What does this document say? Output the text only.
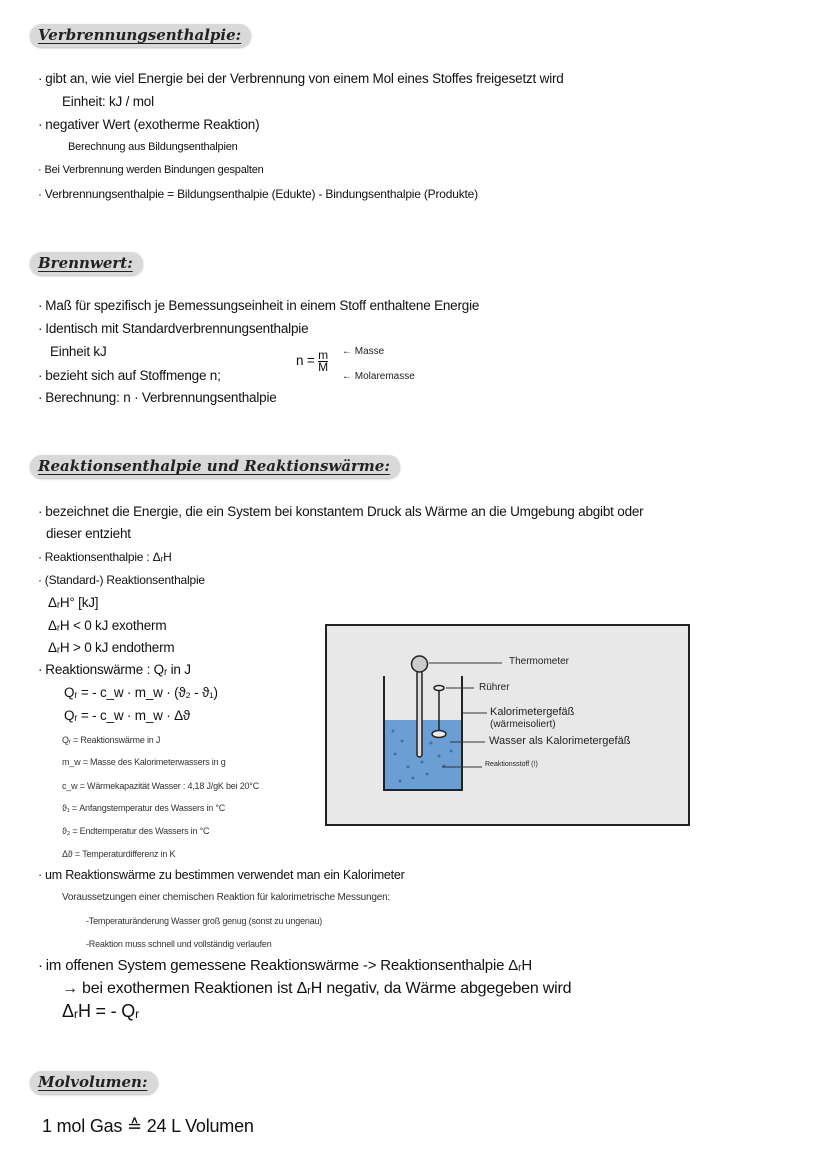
Verbrennungsenthalpie:
· gibt an, wie viel Energie bei der Verbrennung von einem Mol eines Stoffes freigesetzt wird
Einheit: kJ / mol
· negativer Wert (exotherme Reaktion)
Berechnung aus Bildungsenthalpien
· Bei Verbrennung werden Bindungen gespalten
· Verbrennungsenthalpie = Bildungsenthalpie (Edukte) - Bindungsenthalpie (Produkte)
Brennwert:
· Maß für spezifisch je Bemessungseinheit in einem Stoff enthaltene Energie
· Identisch mit Standardverbrennungsenthalpie
Einheit kJ
· bezieht sich auf Stoffmenge n;
$n = \frac{m}{M}$ ← Masse
← Molaremasse
· Berechnung: n · Verbrennungsenthalpie
Reaktionsenthalpie und Reaktionswärme:
· bezeichnet die Energie, die ein System bei konstantem Druck als Wärme an die Umgebung abgibt oder
dieser entzieht
· Reaktionsenthalpie : ΔᵣH
· (Standard-) Reaktionsenthalpie
ΔᵣH° [kJ]
ΔᵣH < 0 kJ exotherm
ΔᵣH > 0 kJ endotherm
· Reaktionswärme : Qᵣ in J
Qᵣ = - c_w · m_w · (ϑ₂ - ϑ₁)
Qᵣ = - c_w · m_w · Δϑ
Qᵣ = Reaktionswärme in J
m_w = Masse des Kalorimeterwassers in g
c_w = Wärmekapazität Wasser : 4,18 J/gK bei 20°C
ϑ₁ = Anfangstemperatur des Wassers in °C
ϑ₂ = Endtemperatur des Wassers in °C
Δϑ = Temperaturdifferenz in K
· um Reaktionswärme zu bestimmen verwendet man ein Kalorimeter
Voraussetzungen einer chemischen Reaktion für kalorimetrische Messungen:
-Temperaturänderung Wasser groß genug (sonst zu ungenau)
-Reaktion muss schnell und vollständig verlaufen
· im offenen System gemessene Reaktionswärme -> Reaktionsenthalpie ΔᵣH
→ bei exothermen Reaktionen ist ΔᵣH negativ, da Wärme abgegeben wird
ΔᵣH = - Qᵣ
Thermometer
Rührer
Kalorimetergefäß
(wärmeisoliert)
Wasser als Kalorimetergefäß
Reaktionsstoff (!)
Molvolumen:
1 mol Gas ≙ 24 L Volumen
